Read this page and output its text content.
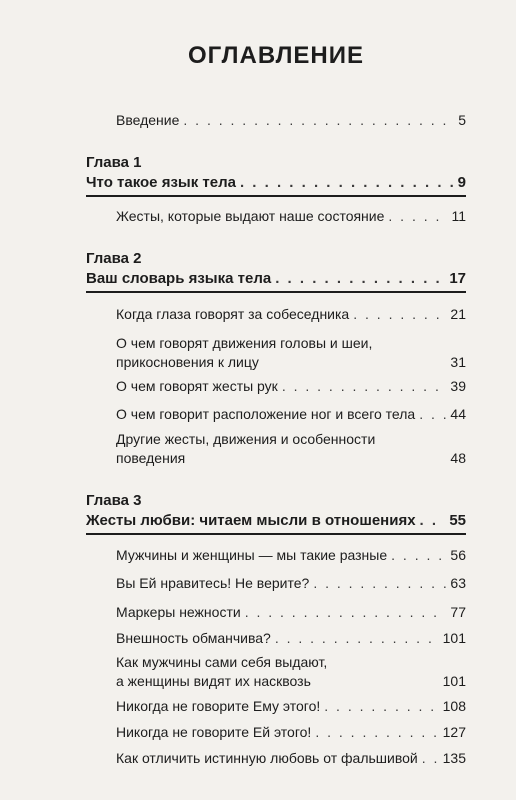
ОГЛАВЛЕНИЕ
Введение . . .	5
Глава 1
Что такое язык тела . . .	9
Жесты, которые выдают наше состояние . . .	11
Глава 2
Ваш словарь языка тела . . .	17
Когда глаза говорят за собеседника . . .	21
О чем говорят движения головы и шеи,
прикосновения к лицу	31
О чем говорят жесты рук . . .	39
О чем говорит расположение ног и всего тела . . .	44
Другие жесты, движения и особенности
поведения	48
Глава 3
Жесты любви: читаем мысли в отношениях . . . 55
Мужчины и женщины — мы такие разные . . .	56
Вы Ей нравитесь! Не верите? . . .	63
Маркеры нежности . . .	77
Внешность обманчива? . . .	101
Как мужчины сами себя выдают,
а женщины видят их насквозь	101
Никогда не говорите Ему этого! . . .	108
Никогда не говорите Ей этого! . . .	127
Как отличить истинную любовь от фальшивой . . . 135
